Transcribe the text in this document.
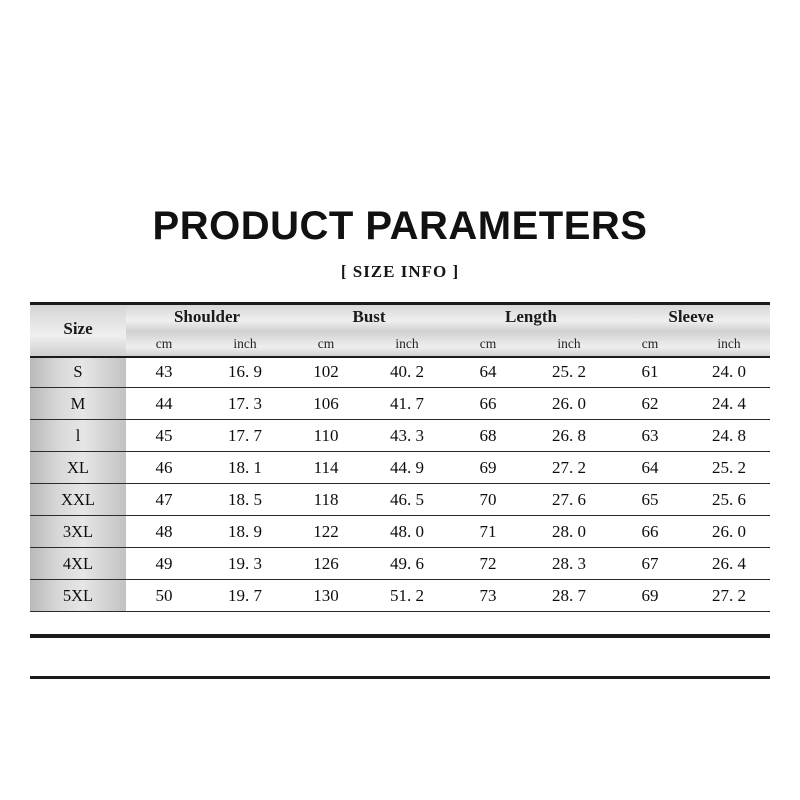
PRODUCT PARAMETERS
[ SIZE INFO ]
Size	Shoulder		Bust		Length		Sleeve	
	cm	inch	cm	inch	cm	inch	cm	inch
S	43	16. 9	102	40. 2	64	25. 2	61	24. 0
M	44	17. 3	106	41. 7	66	26. 0	62	24. 4
l	45	17. 7	110	43. 3	68	26. 8	63	24. 8
XL	46	18. 1	114	44. 9	69	27. 2	64	25. 2
XXL	47	18. 5	118	46. 5	70	27. 6	65	25. 6
3XL	48	18. 9	122	48. 0	71	28. 0	66	26. 0
4XL	49	19. 3	126	49. 6	72	28. 3	67	26. 4
5XL	50	19. 7	130	51. 2	73	28. 7	69	27. 2
